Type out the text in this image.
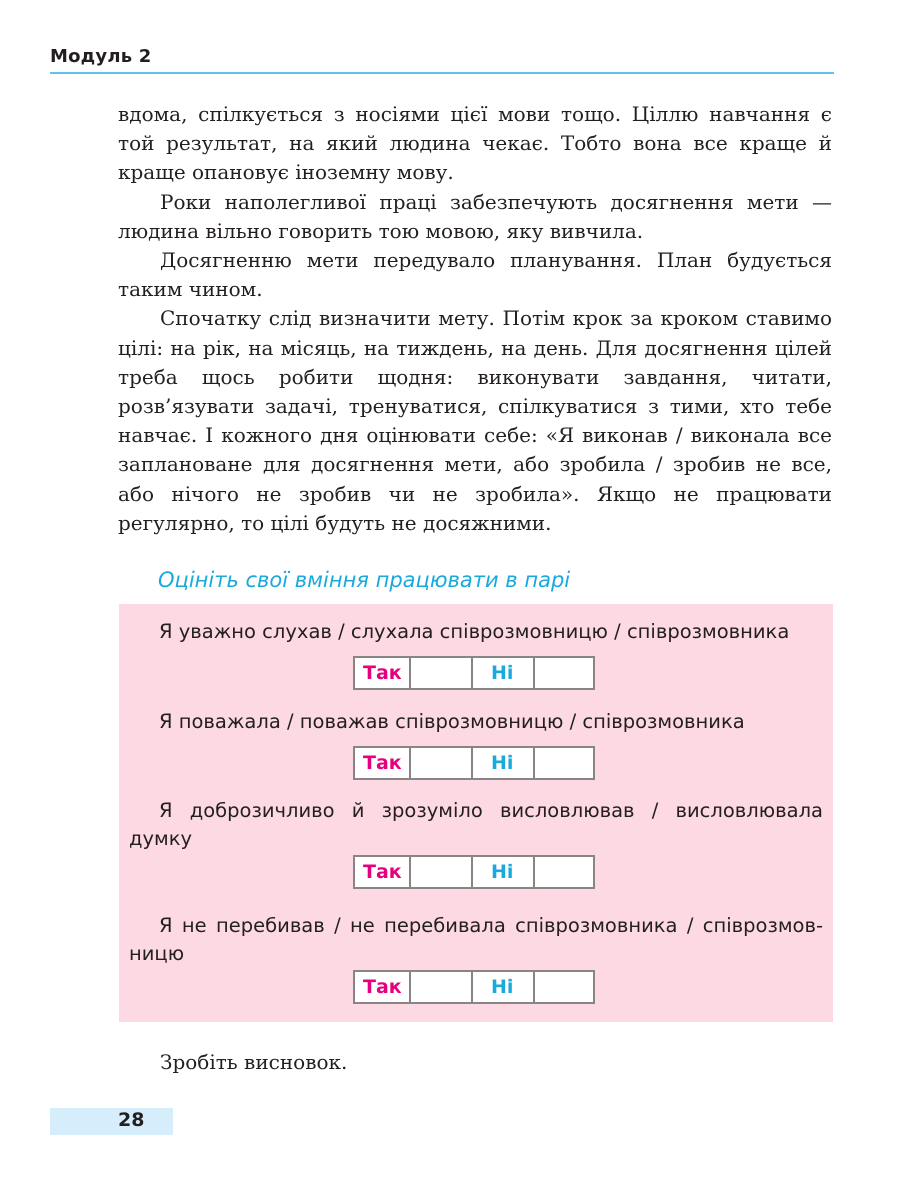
Модуль 2

вдома, спілкується з носіями цієї мови тощо. Ціллю навчання є той результат, на який людина чекає. Тобто вона все краще й краще опановує іноземну мову.

Роки наполегливої праці забезпечують досягнення мети — людина вільно говорить тою мовою, яку вивчила.

Досягненню мети передувало планування. План будується таким чином.

Спочатку слід визначити мету. Потім крок за кроком ставимо цілі: на рік, на місяць, на тиждень, на день. Для досягнення цілей треба щось робити щодня: виконувати завдання, читати, розв’язувати задачі, тренуватися, спілкуватися з тими, хто тебе навчає. І кожного дня оцінювати себе: «Я виконав / виконала все заплановане для досягнення мети, або зробила / зробив не все, або нічого не зробив чи не зробила». Якщо не працювати регулярно, то цілі будуть не досяжними.

Оцініть свої вміння працювати в парі
Я уважно слухав / слухала співрозмовницю / співрозмовника
Так	Ні
Я поважала / поважав співрозмовницю / співрозмовника
Так	Ні
Я доброзичливо й зрозуміло висловлював / висловлювала думку
Так	Ні
Я не перебивав / не перебивала співрозмовника / співрозмовницю
Так	Ні
Зробіть висновок.
28
